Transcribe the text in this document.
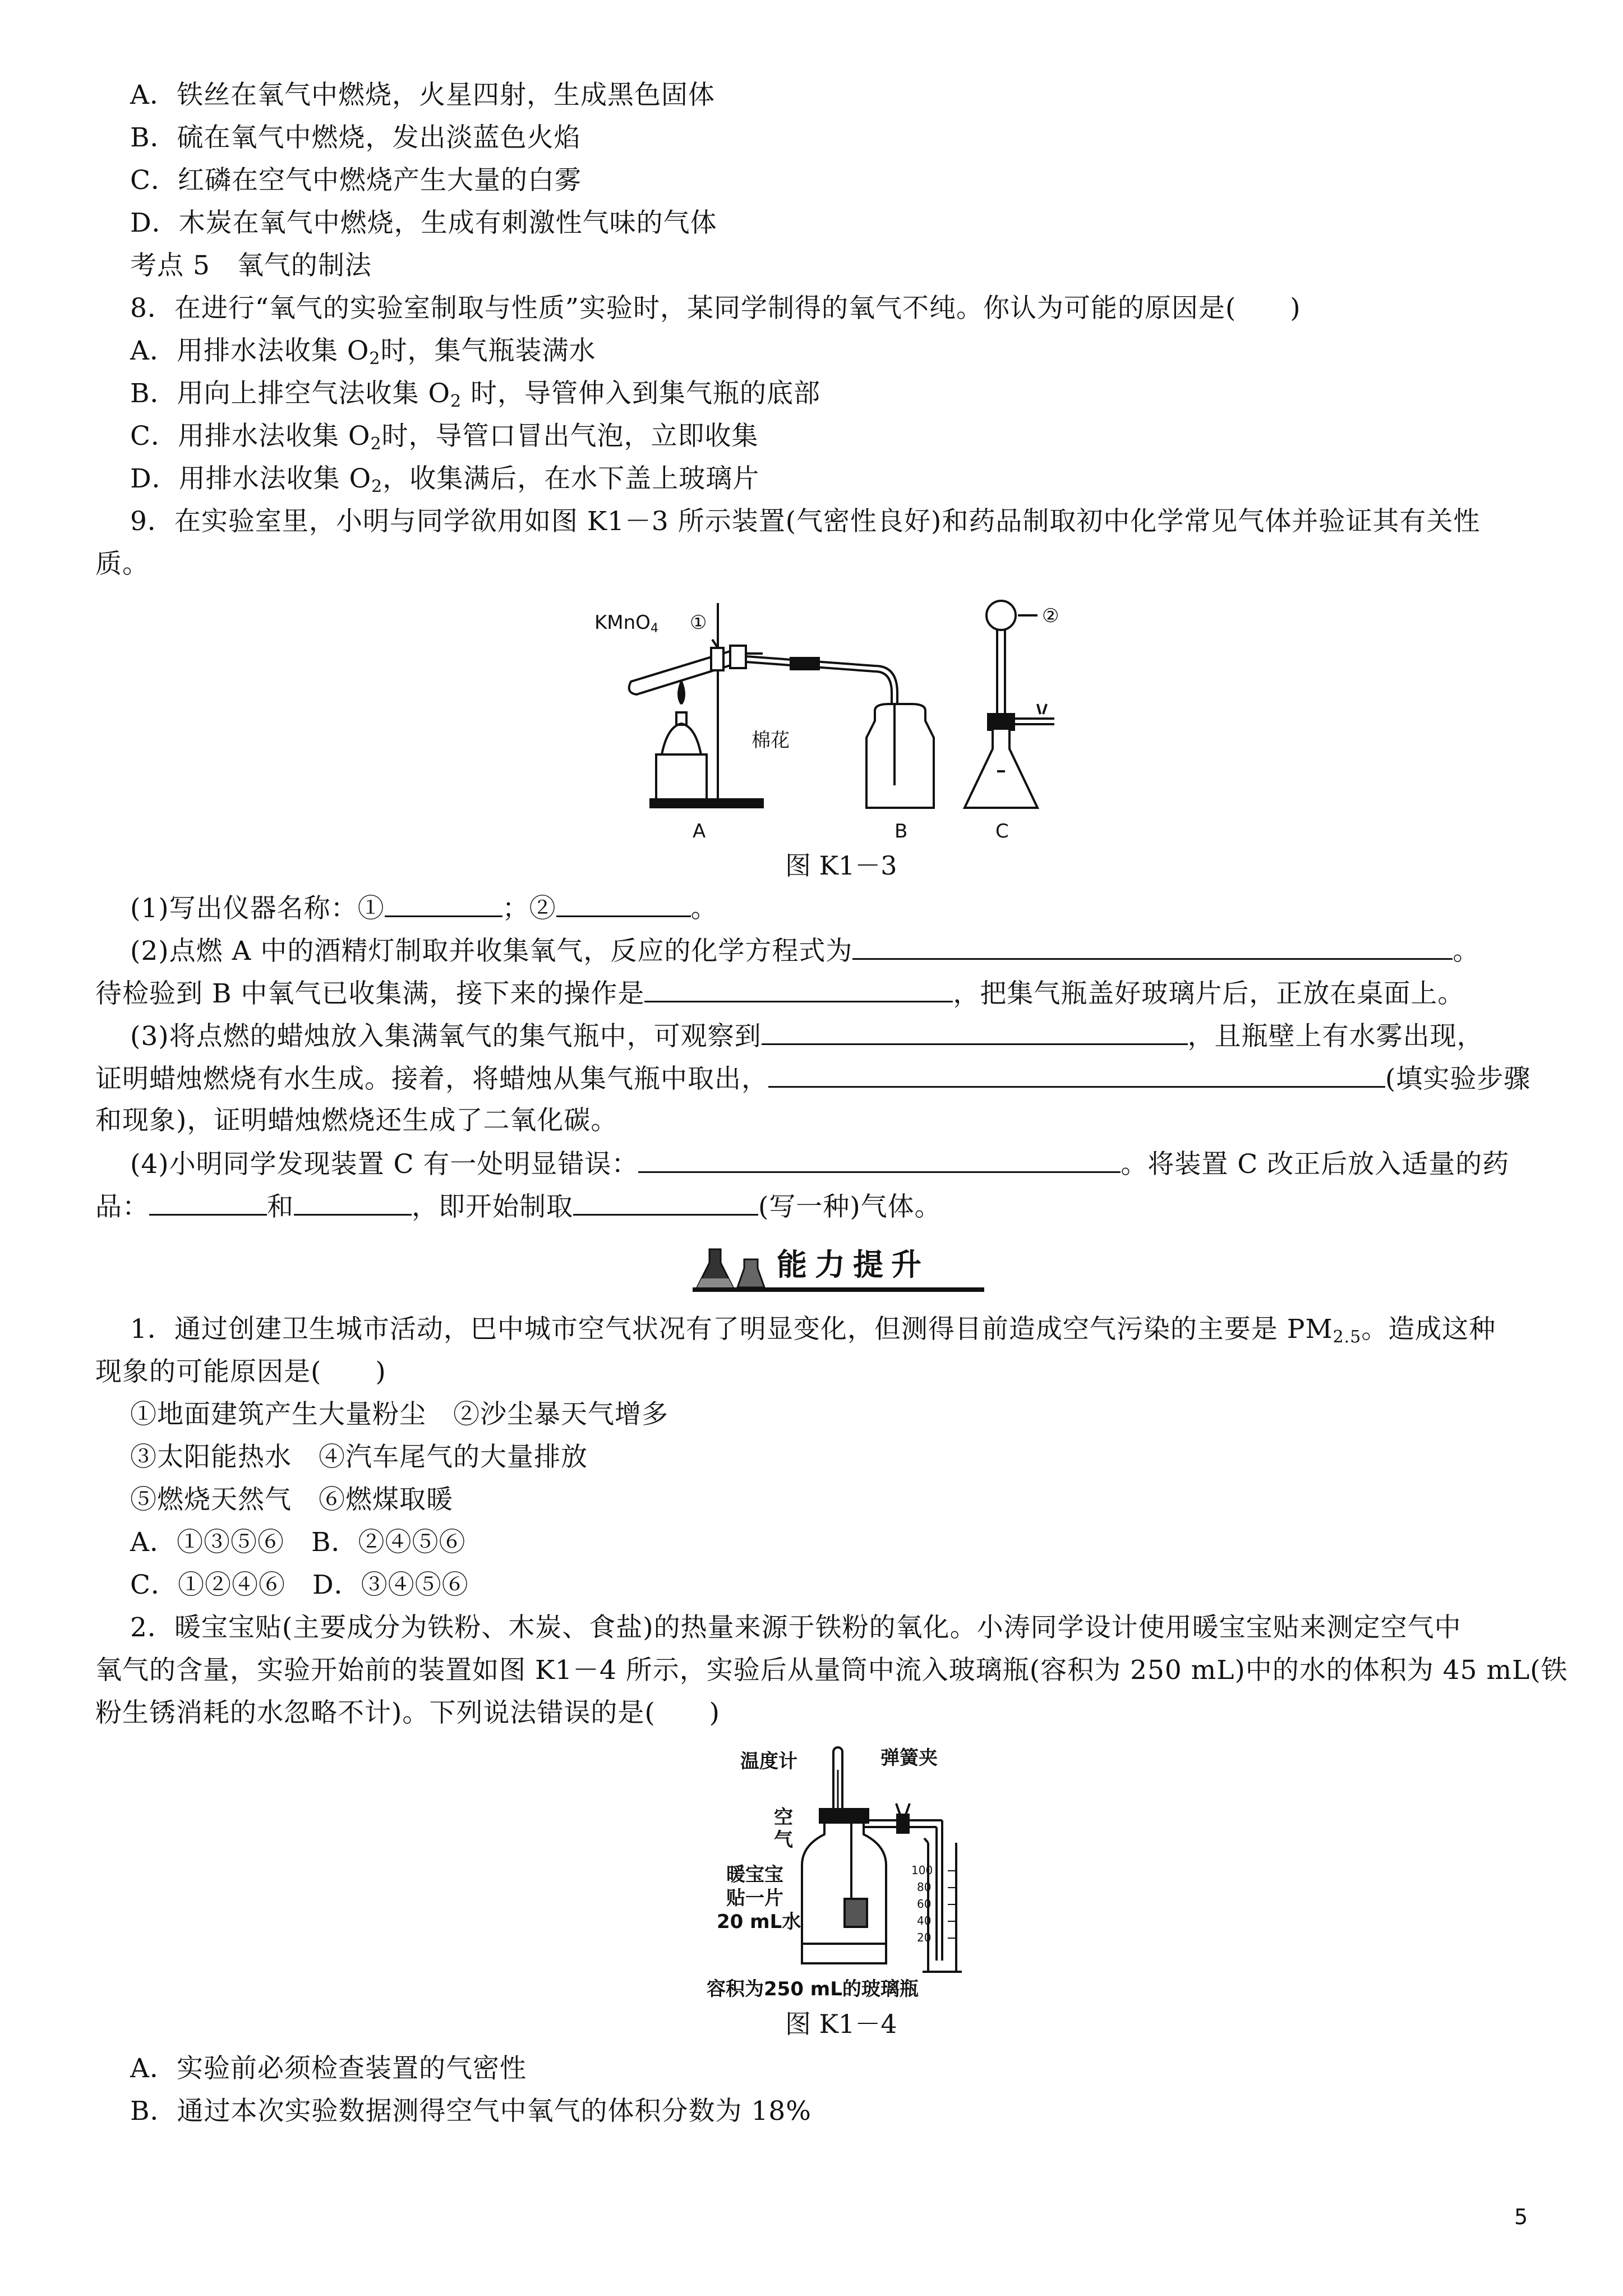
A．铁丝在氧气中燃烧，火星四射，生成黑色固体
B．硫在氧气中燃烧，发出淡蓝色火焰
C．红磷在空气中燃烧产生大量的白雾
D．木炭在氧气中燃烧，生成有刺激性气味的气体
考点 5　氧气的制法
8．在进行“氧气的实验室制取与性质”实验时，某同学制得的氧气不纯。你认为可能的原因是(　　)
A．用排水法收集 $O_2$时，集气瓶装满水
B．用向上排空气法收集 $O_2$ 时，导管伸入到集气瓶的底部
C．用排水法收集 $O_2$时，导管口冒出气泡，立即收集
D．用排水法收集 $O_2$，收集满后，在水下盖上玻璃片
9．在实验室里，小明与同学欲用如图 K1－3 所示装置(气密性良好)和药品制取初中化学常见气体并验证其有关性
质。
KMnO4 ①	②
棉花
A	B	C
图 K1－3
(1)写出仪器名称：①	；②	。
(2)点燃 A 中的酒精灯制取并收集氧气，反应的化学方程式为	。
待检验到 B 中氧气已收集满，接下来的操作是	，把集气瓶盖好玻璃片后，正放在桌面上。
(3)将点燃的蜡烛放入集满氧气的集气瓶中，可观察到	，且瓶壁上有水雾出现，
证明蜡烛燃烧有水生成。接着，将蜡烛从集气瓶中取出，	(填实验步骤
和现象)，证明蜡烛燃烧还生成了二氧化碳。
(4)小明同学发现装置 C 有一处明显错误：	。将装置 C 改正后放入适量的药
品：	和	，即开始制取	(写一种)气体。
能力提升
1．通过创建卫生城市活动，巴中城市空气状况有了明显变化，但测得目前造成空气污染的主要是 $PM_{2.5}$。造成这种
现象的可能原因是(　　)
①地面建筑产生大量粉尘　②沙尘暴天气增多
③太阳能热水　④汽车尾气的大量排放
⑤燃烧天然气　⑥燃煤取暖
A．①③⑤⑥　B．②④⑤⑥
C．①②④⑥　D．③④⑤⑥
2．暖宝宝贴(主要成分为铁粉、木炭、食盐)的热量来源于铁粉的氧化。小涛同学设计使用暖宝宝贴来测定空气中
氧气的含量，实验开始前的装置如图 K1－4 所示，实验后从量筒中流入玻璃瓶(容积为 250 mL)中的水的体积为 45 mL(铁
粉生锈消耗的水忽略不计)。下列说法错误的是(　　)
100
80
60
40
20
温度计	弹簧夹
空
气
暖宝宝
贴一片
20 mL水
容积为250 mL的玻璃瓶
图 K1－4
A．实验前必须检查装置的气密性
B．通过本次实验数据测得空气中氧气的体积分数为 18%
5
